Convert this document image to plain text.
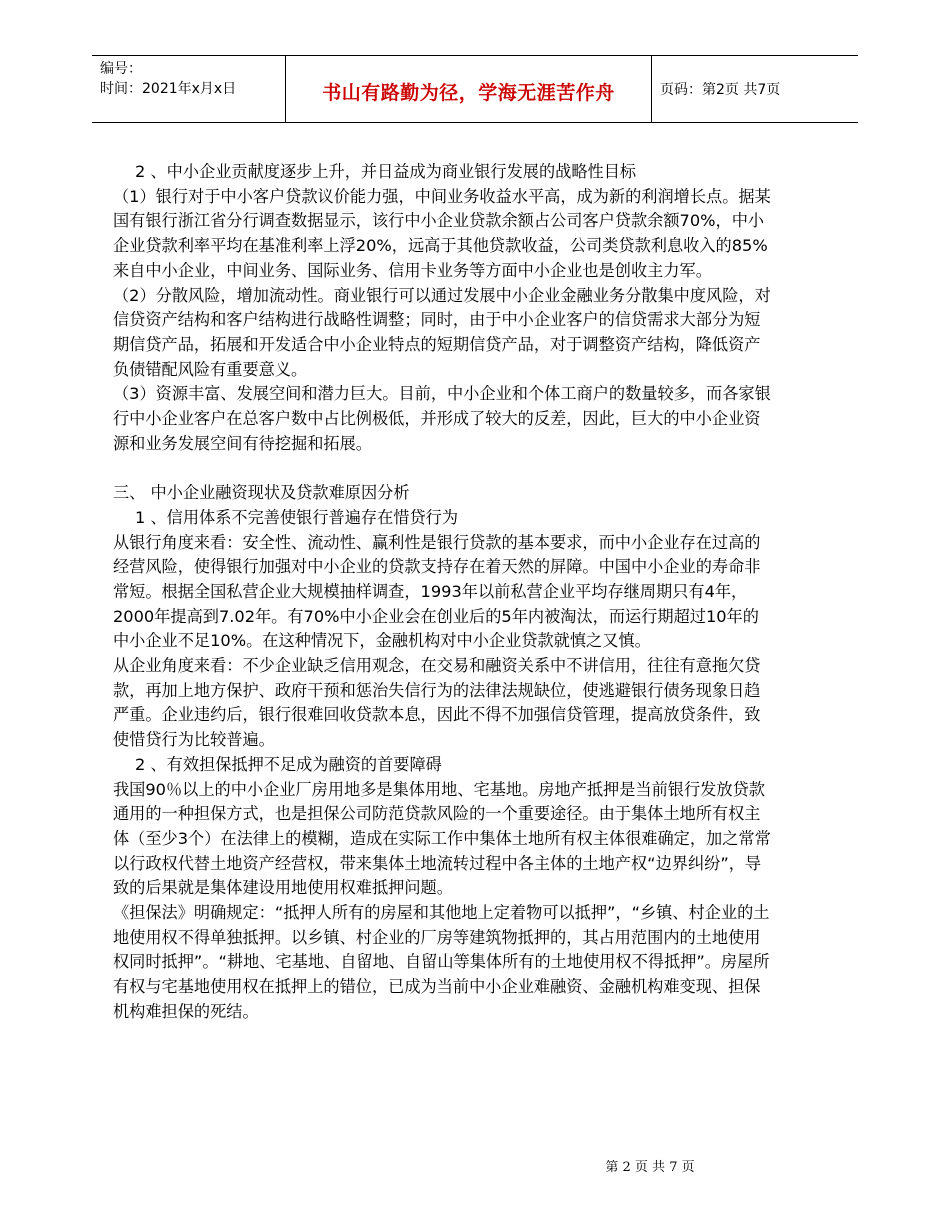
编号：
时间：2021年x月x日	书山有路勤为径，学海无涯苦作舟	页码：第2页 共7页

2 、中小企业贡献度逐步上升，并日益成为商业银行发展的战略性目标

（1）银行对于中小客户贷款议价能力强，中间业务收益水平高，成为新的利润增长点。据某国有银行浙江省分行调查数据显示，该行中小企业贷款余额占公司客户贷款余额70%，中小企业贷款利率平均在基准利率上浮20%，远高于其他贷款收益，公司类贷款利息收入的85%来自中小企业，中间业务、国际业务、信用卡业务等方面中小企业也是创收主力军。

（2）分散风险，增加流动性。商业银行可以通过发展中小企业金融业务分散集中度风险，对信贷资产结构和客户结构进行战略性调整；同时，由于中小企业客户的信贷需求大部分为短期信贷产品，拓展和开发适合中小企业特点的短期信贷产品，对于调整资产结构，降低资产负债错配风险有重要意义。

（3）资源丰富、发展空间和潜力巨大。目前，中小企业和个体工商户的数量较多，而各家银行中小企业客户在总客户数中占比例极低，并形成了较大的反差，因此，巨大的中小企业资源和业务发展空间有待挖掘和拓展。

三、 中小企业融资现状及贷款难原因分析

1 、信用体系不完善使银行普遍存在惜贷行为

从银行角度来看：安全性、流动性、赢利性是银行贷款的基本要求，而中小企业存在过高的经营风险，使得银行加强对中小企业的贷款支持存在着天然的屏障。中国中小企业的寿命非常短。根据全国私营企业大规模抽样调查，1993年以前私营企业平均存继周期只有4年，2000年提高到7.02年。有70%中小企业会在创业后的5年内被淘汰，而运行期超过10年的中小企业不足10%。在这种情况下，金融机构对中小企业贷款就慎之又慎。

从企业角度来看：不少企业缺乏信用观念，在交易和融资关系中不讲信用，往往有意拖欠贷款，再加上地方保护、政府干预和惩治失信行为的法律法规缺位，使逃避银行债务现象日趋严重。企业违约后，银行很难回收贷款本息，因此不得不加强信贷管理，提高放贷条件，致使惜贷行为比较普遍。

2 、有效担保抵押不足成为融资的首要障碍

我国90％以上的中小企业厂房用地多是集体用地、宅基地。房地产抵押是当前银行发放贷款通用的一种担保方式，也是担保公司防范贷款风险的一个重要途径。由于集体土地所有权主体（至少3个）在法律上的模糊，造成在实际工作中集体土地所有权主体很难确定，加之常常以行政权代替土地资产经营权，带来集体土地流转过程中各主体的土地产权“边界纠纷”，导致的后果就是集体建设用地使用权难抵押问题。

《担保法》明确规定：“抵押人所有的房屋和其他地上定着物可以抵押”，“乡镇、村企业的土地使用权不得单独抵押。以乡镇、村企业的厂房等建筑物抵押的，其占用范围内的土地使用权同时抵押”。“耕地、宅基地、自留地、自留山等集体所有的土地使用权不得抵押”。房屋所有权与宅基地使用权在抵押上的错位，已成为当前中小企业难融资、金融机构难变现、担保机构难担保的死结。

第 2 页 共 7 页
